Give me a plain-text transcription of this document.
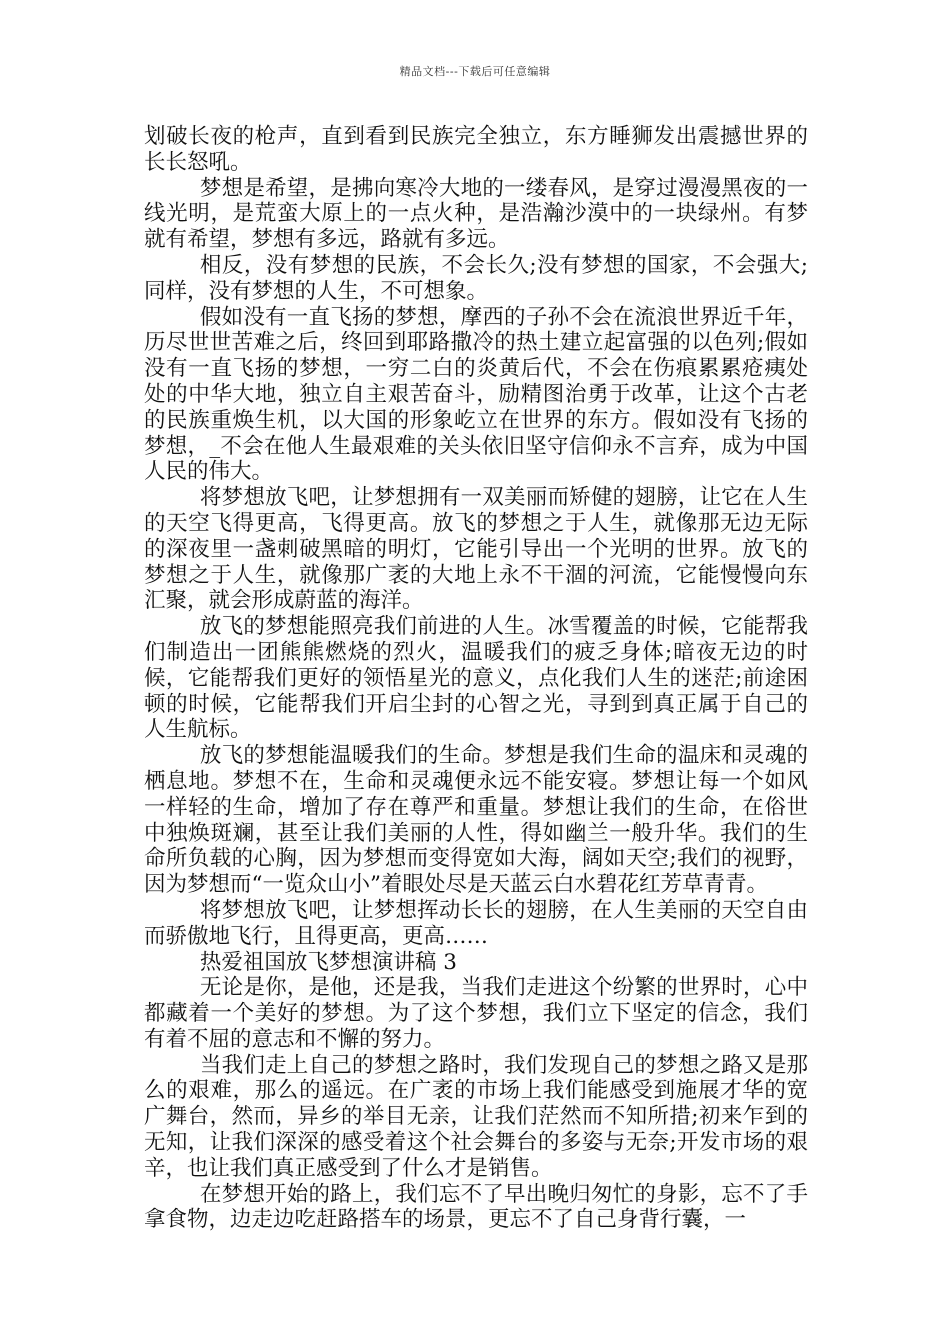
精品文档---下载后可任意编辑

划破长夜的枪声，直到看到民族完全独立，东方睡狮发出震撼世界的长长怒吼。

梦想是希望，是拂向寒冷大地的一缕春风，是穿过漫漫黑夜的一线光明，是荒蛮大原上的一点火种，是浩瀚沙漠中的一块绿州。有梦就有希望，梦想有多远，路就有多远。

相反，没有梦想的民族，不会长久;没有梦想的国家，不会强大;同样，没有梦想的人生，不可想象。

假如没有一直飞扬的梦想，摩西的子孙不会在流浪世界近千年，历尽世世苦难之后，终回到耶路撒冷的热土建立起富强的以色列;假如没有一直飞扬的梦想，一穷二白的炎黄后代，不会在伤痕累累疮痍处处的中华大地，独立自主艰苦奋斗，励精图治勇于改革，让这个古老的民族重焕生机，以大国的形象屹立在世界的东方。假如没有飞扬的梦想，_不会在他人生最艰难的关头依旧坚守信仰永不言弃，成为中国人民的伟大。

将梦想放飞吧，让梦想拥有一双美丽而矫健的翅膀，让它在人生的天空飞得更高，飞得更高。放飞的梦想之于人生，就像那无边无际的深夜里一盏刺破黑暗的明灯，它能引导出一个光明的世界。放飞的梦想之于人生，就像那广袤的大地上永不干涸的河流，它能慢慢向东汇聚，就会形成蔚蓝的海洋。

放飞的梦想能照亮我们前进的人生。冰雪覆盖的时候，它能帮我们制造出一团熊熊燃烧的烈火，温暖我们的疲乏身体;暗夜无边的时候，它能帮我们更好的领悟星光的意义，点化我们人生的迷茫;前途困顿的时候，它能帮我们开启尘封的心智之光，寻到到真正属于自己的人生航标。

放飞的梦想能温暖我们的生命。梦想是我们生命的温床和灵魂的栖息地。梦想不在，生命和灵魂便永远不能安寝。梦想让每一个如风一样轻的生命，增加了存在尊严和重量。梦想让我们的生命，在俗世中独焕斑斓，甚至让我们美丽的人性，得如幽兰一般升华。我们的生命所负载的心胸，因为梦想而变得宽如大海，阔如天空;我们的视野，因为梦想而“一览众山小”着眼处尽是天蓝云白水碧花红芳草青青。

将梦想放飞吧，让梦想挥动长长的翅膀，在人生美丽的天空自由而骄傲地飞行，且得更高，更高……

热爱祖国放飞梦想演讲稿 3

无论是你，是他，还是我，当我们走进这个纷繁的世界时，心中都藏着一个美好的梦想。为了这个梦想，我们立下坚定的信念，我们有着不屈的意志和不懈的努力。

当我们走上自己的梦想之路时，我们发现自己的梦想之路又是那么的艰难，那么的遥远。在广袤的市场上我们能感受到施展才华的宽广舞台，然而，异乡的举目无亲，让我们茫然而不知所措;初来乍到的无知，让我们深深的感受着这个社会舞台的多姿与无奈;开发市场的艰辛，也让我们真正感受到了什么才是销售。

在梦想开始的路上，我们忘不了早出晚归匆忙的身影，忘不了手拿食物，边走边吃赶路搭车的场景，更忘不了自己身背行囊，一
